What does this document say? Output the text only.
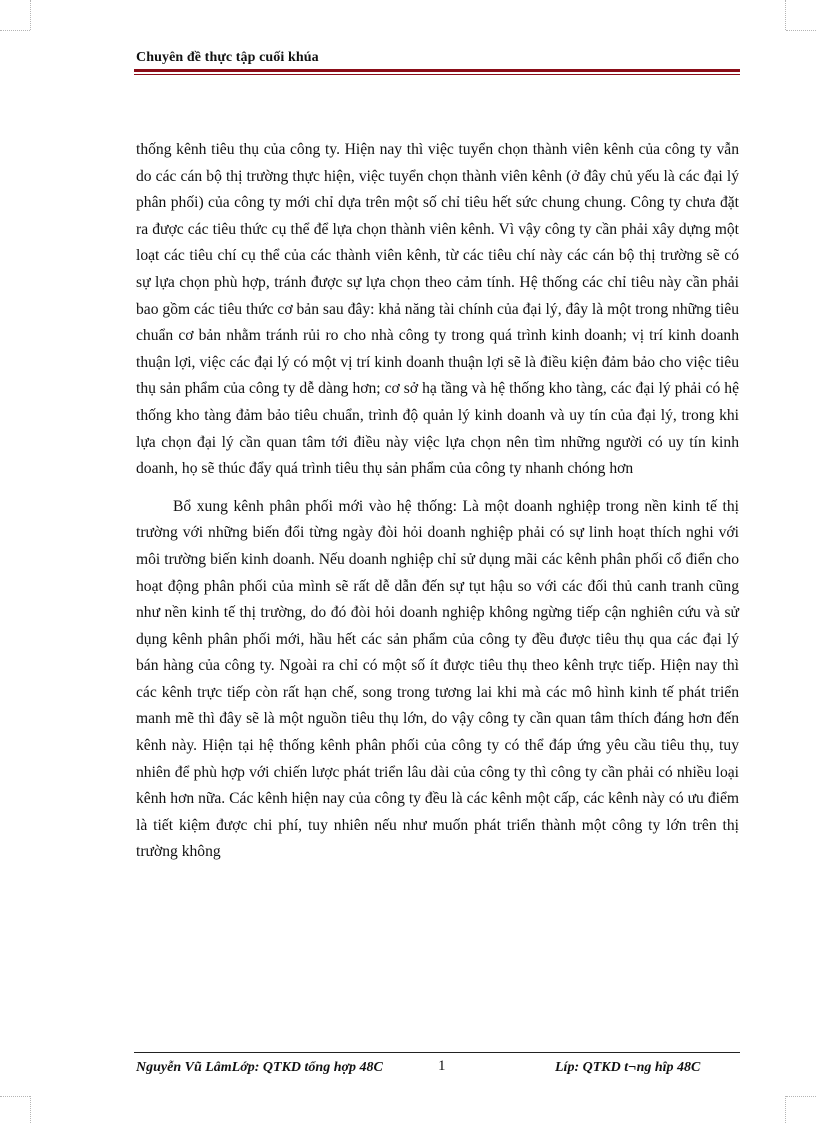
Chuyên đề thực tập cuối khúa

thống kênh tiêu thụ của công ty. Hiện nay thì việc tuyển chọn thành viên kênh của công ty vẫn do các cán bộ thị trường thực hiện, việc tuyển chọn thành viên kênh (ở đây chủ yếu là các đại lý phân phối) của công ty mới chỉ dựa trên một số chỉ tiêu hết sức chung chung. Công ty chưa đặt ra được các tiêu thức cụ thể để lựa chọn thành viên kênh. Vì vậy công ty cần phải xây dựng một loạt các tiêu chí cụ thể của các thành viên kênh, từ các tiêu chí này các cán bộ thị trường sẽ có sự lựa chọn phù hợp, tránh được sự lựa chọn theo cảm tính. Hệ thống các chỉ tiêu này cần phải bao gồm các tiêu thức cơ bản sau đây: khả năng tài chính của đại lý, đây là một trong những tiêu chuẩn cơ bản nhằm tránh rủi ro cho nhà công ty trong quá trình kinh doanh; vị trí kinh doanh thuận lợi, việc các đại lý có một vị trí kinh doanh thuận lợi sẽ là điều kiện đảm bảo cho việc tiêu thụ sản phẩm của công ty dễ dàng hơn; cơ sở hạ tầng và hệ thống kho tàng, các đại lý phải có hệ thống kho tàng đảm bảo tiêu chuẩn, trình độ quản lý kinh doanh và uy tín của đại lý, trong khi lựa chọn đại lý cần quan tâm tới điều này việc lựa chọn nên tìm những người có uy tín kinh doanh, họ sẽ thúc đẩy quá trình tiêu thụ sản phẩm của công ty nhanh chóng hơn

Bổ xung kênh phân phối mới vào hệ thống: Là một doanh nghiệp trong nền kinh tế thị trường với những biến đổi từng ngày đòi hỏi doanh nghiệp phải có sự linh hoạt thích nghi với môi trường biến kinh doanh. Nếu doanh nghiệp chỉ sử dụng mãi các kênh phân phối cổ điển cho hoạt động phân phối của mình sẽ rất dễ dẫn đến sự tụt hậu so với các đối thủ canh tranh cũng như nền kinh tế thị trường, do đó đòi hỏi doanh nghiệp không ngừng tiếp cận nghiên cứu và sử dụng kênh phân phối mới, hầu hết các sản phẩm của công ty đều được tiêu thụ qua các đại lý bán hàng của công ty. Ngoài ra chỉ có một số ít được tiêu thụ theo kênh trực tiếp. Hiện nay thì các kênh trực tiếp còn rất hạn chế, song trong tương lai khi mà các mô hình kinh tế phát triển manh mẽ thì đây sẽ là một nguồn tiêu thụ lớn, do vậy công ty cần quan tâm thích đáng hơn đến kênh này. Hiện tại hệ thống kênh phân phối của công ty có thể đáp ứng yêu cầu tiêu thụ, tuy nhiên để phù hợp với chiến lược phát triển lâu dài của công ty thì công ty cần phải có nhiều loại kênh hơn nữa. Các kênh hiện nay của công ty đều là các kênh một cấp, các kênh này có ưu điểm là tiết kiệm được chi phí, tuy nhiên nếu như muốn phát triển thành một công ty lớn trên thị trường không

Nguyễn Vũ LâmLớp: QTKD tổng hợp 48C	1	Líp: QTKD t¬ng hîp 48C
